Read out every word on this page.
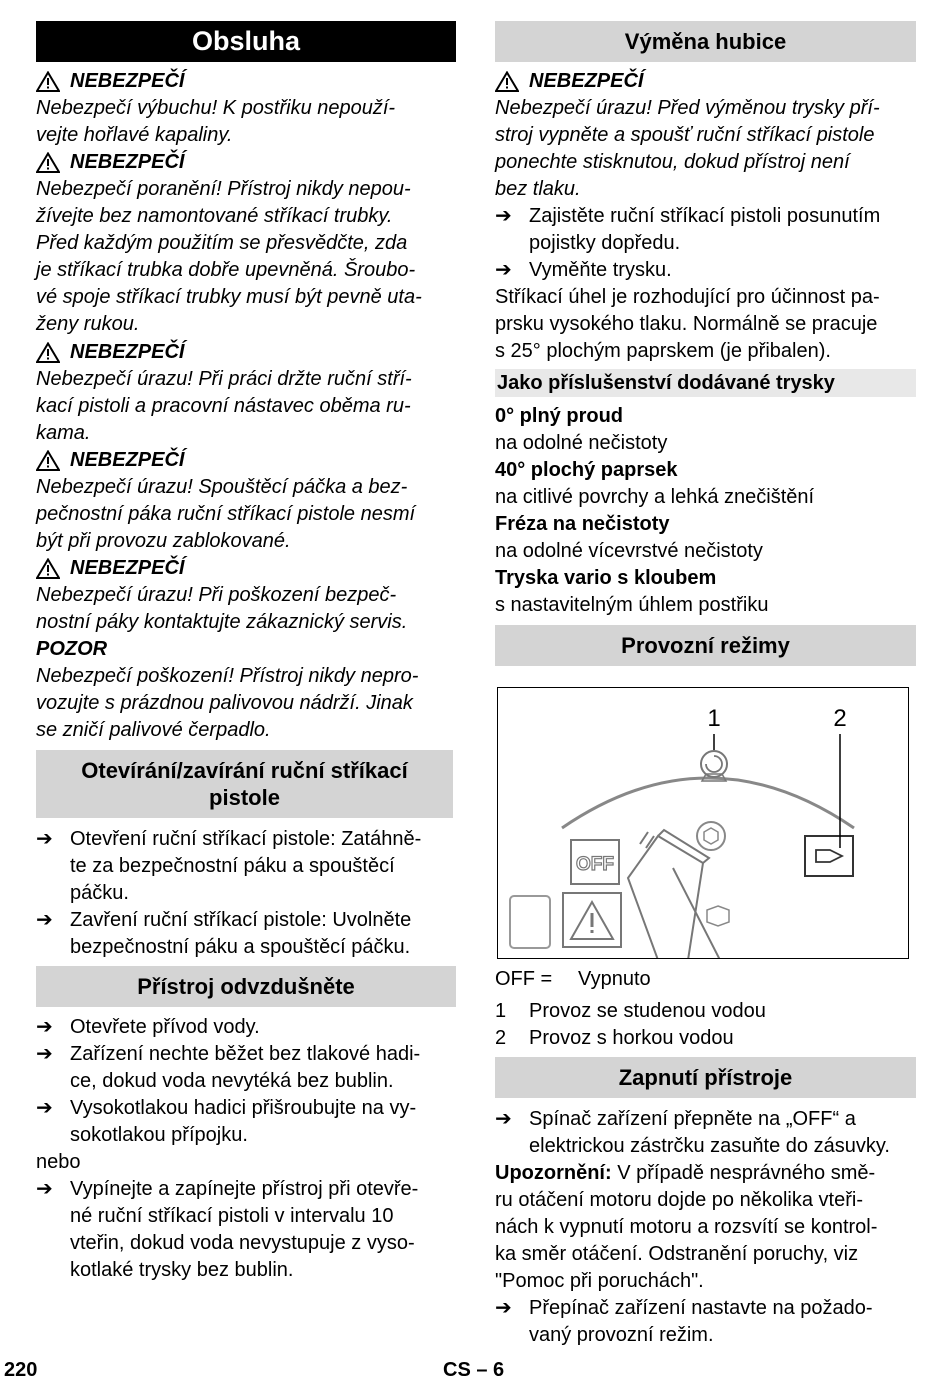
Obsluha
NEBEZPEČÍ
Nebezpečí výbuchu! K postřiku nepouží-
vejte hořlavé kapaliny.
NEBEZPEČÍ
Nebezpečí poranění! Přístroj nikdy nepou-
žívejte bez namontované stříkací trubky.
Před každým použitím se přesvědčte, zda
je stříkací trubka dobře upevněná. Šroubo-
vé spoje stříkací trubky musí být pevně uta-
ženy rukou.
NEBEZPEČÍ
Nebezpečí úrazu! Při práci držte ruční stří-
kací pistoli a pracovní nástavec oběma ru-
kama.
NEBEZPEČÍ
Nebezpečí úrazu! Spouštěcí páčka a bez-
pečnostní páka ruční stříkací pistole nesmí
být při provozu zablokované.
NEBEZPEČÍ
Nebezpečí úrazu! Při poškození bezpeč-
nostní páky kontaktujte zákaznický servis.
POZOR
Nebezpečí poškození! Přístroj nikdy nepro-
vozujte s prázdnou palivovou nádrží. Jinak
se zničí palivové čerpadlo.
Otevírání/zavírání ruční stříkací
pistole
➔ Otevření ruční stříkací pistole: Zatáhně-
te za bezpečnostní páku a spouštěcí
páčku.
➔ Zavření ruční stříkací pistole: Uvolněte
bezpečnostní páku a spouštěcí páčku.
Přístroj odvzdušněte
➔ Otevřete přívod vody.
➔ Zařízení nechte běžet bez tlakové hadi-
ce, dokud voda nevytéká bez bublin.
➔ Vysokotlakou hadici přišroubujte na vy-
sokotlakou přípojku.
nebo
➔ Vypínejte a zapínejte přístroj při otevře-
né ruční stříkací pistoli v intervalu 10
vteřin, dokud voda nevystupuje z vyso-
kotlaké trysky bez bublin.
Výměna hubice
NEBEZPEČÍ
Nebezpečí úrazu! Před výměnou trysky pří-
stroj vypněte a spoušť ruční stříkací pistole
ponechte stisknutou, dokud přístroj není
bez tlaku.
➔ Zajistěte ruční stříkací pistoli posunutím
pojistky dopředu.
➔ Vyměňte trysku.
Stříkací úhel je rozhodující pro účinnost pa-
prsku vysokého tlaku. Normálně se pracuje
s 25° plochým paprskem (je přibalen).
Jako příslušenství dodávané trysky
0° plný proud
na odolné nečistoty
40° plochý paprsek
na citlivé povrchy a lehká znečištění
Fréza na nečistoty
na odolné vícevrstvé nečistoty
Tryska vario s kloubem
s nastavitelným úhlem postřiku
Provozní režimy
OFF
1	2
OFF = Vypnuto
1 Provoz se studenou vodou
2 Provoz s horkou vodou
Zapnutí přístroje
➔ Spínač zařízení přepněte na „OFF“ a
elektrickou zástrčku zasuňte do zásuvky.
Upozornění: V případě nesprávného smě-
ru otáčení motoru dojde po několika vteři-
nách k vypnutí motoru a rozsvítí se kontrol-
ka směr otáčení. Odstranění poruchy, viz
"Pomoc při poruchách".
➔ Přepínač zařízení nastavte na požado-
vaný provozní režim.
220	CS – 6
